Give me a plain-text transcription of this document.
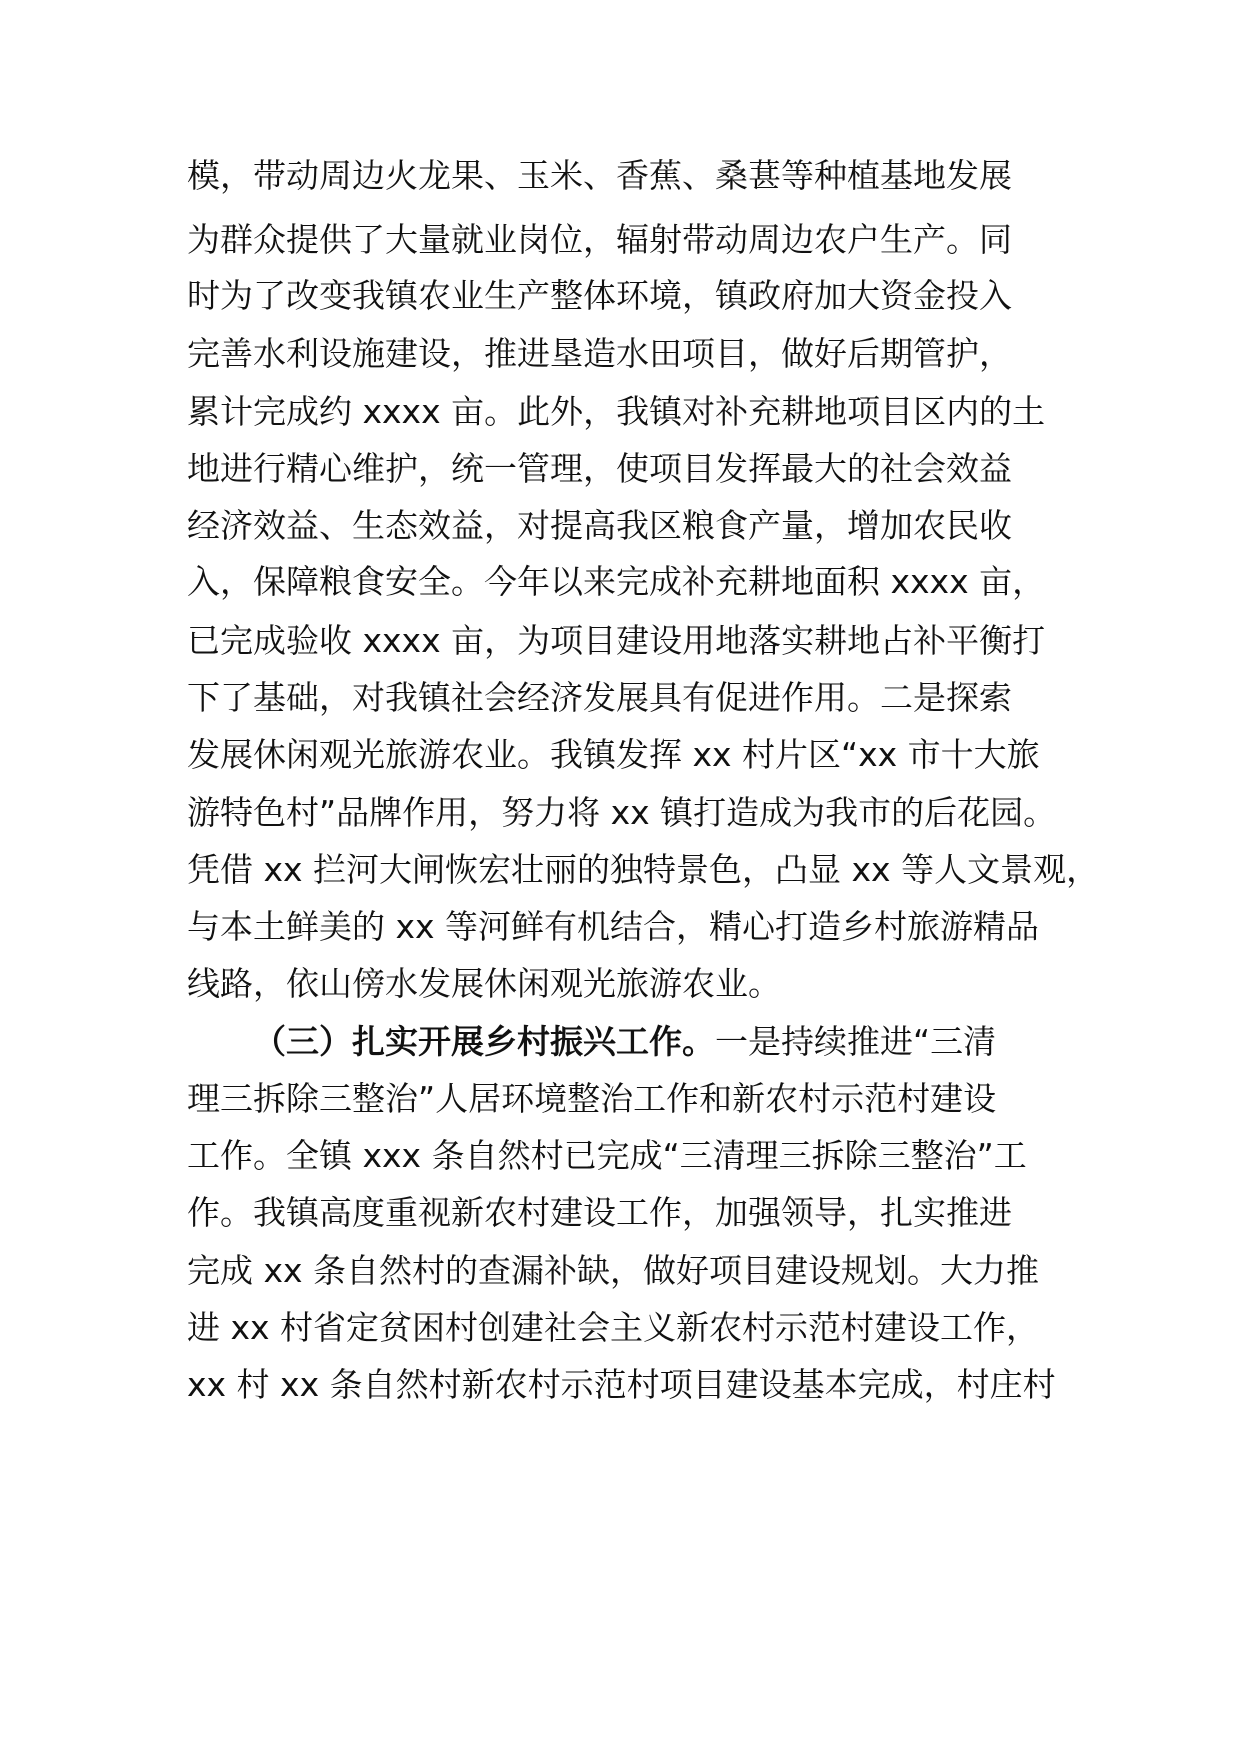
模，带动周边火龙果、玉米、香蕉、桑葚等种植基地发展
为群众提供了大量就业岗位，辐射带动周边农户生产。同
时为了改变我镇农业生产整体环境，镇政府加大资金投入
完善水利设施建设，推进垦造水田项目，做好后期管护，
累计完成约 xxxx 亩。此外，我镇对补充耕地项目区内的土
地进行精心维护，统一管理，使项目发挥最大的社会效益
经济效益、生态效益，对提高我区粮食产量，增加农民收
入，保障粮食安全。今年以来完成补充耕地面积 xxxx 亩，
已完成验收 xxxx 亩，为项目建设用地落实耕地占补平衡打
下了基础，对我镇社会经济发展具有促进作用。二是探索
发展休闲观光旅游农业。我镇发挥 xx 村片区“xx 市十大旅
游特色村”品牌作用，努力将 xx 镇打造成为我市的后花园。
凭借 xx 拦河大闸恢宏壮丽的独特景色，凸显 xx 等人文景观，
与本土鲜美的 xx 等河鲜有机结合，精心打造乡村旅游精品
线路，依山傍水发展休闲观光旅游农业。
（三）扎实开展乡村振兴工作。一是持续推进“三清
理三拆除三整治”人居环境整治工作和新农村示范村建设
工作。全镇 xxx 条自然村已完成“三清理三拆除三整治”工
作。我镇高度重视新农村建设工作，加强领导，扎实推进
完成 xx 条自然村的查漏补缺，做好项目建设规划。大力推
进 xx 村省定贫困村创建社会主义新农村示范村建设工作，
xx 村 xx 条自然村新农村示范村项目建设基本完成，村庄村
